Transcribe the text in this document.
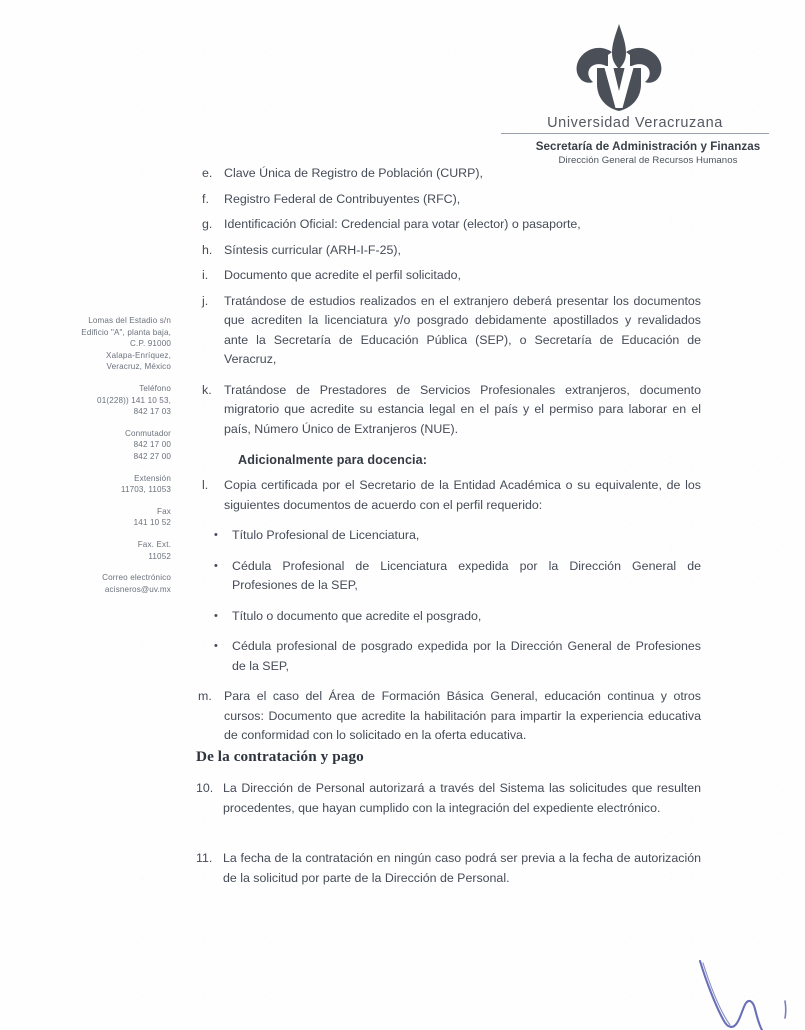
Universidad Veracruzana
Secretaría de Administración y Finanzas
Dirección General de Recursos Humanos
Lomas del Estadio s/n
Edificio "A", planta baja,
C.P. 91000
Xalapa-Enríquez,
Veracruz, México
Teléfono
01(228)) 141 10 53,
842 17 03
Conmutador
842 17 00
842 27 00
Extensión
11703, 11053
Fax
141 10 52
Fax. Ext.
11052
Correo electrónico
acisneros@uv.mx
e. Clave Única de Registro de Población (CURP),
f.	Registro Federal de Contribuyentes (RFC),
g. Identificación Oficial: Credencial para votar (elector) o pasaporte,
h. Síntesis curricular (ARH-I-F-25),
i.	Documento que acredite el perfil solicitado,
j.	Tratándose de estudios realizados en el extranjero deberá presentar los documentos que acrediten la licenciatura y/o posgrado debidamente apostillados y revalidados ante la Secretaría de Educación Pública (SEP), o Secretaría de Educación de Veracruz,
k. Tratándose de Prestadores de Servicios Profesionales extranjeros, documento migratorio que acredite su estancia legal en el país y el permiso para laborar en el país, Número Único de Extranjeros (NUE).
Adicionalmente para docencia:
l.	Copia certificada por el Secretario de la Entidad Académica o su equivalente, de los siguientes documentos de acuerdo con el perfil requerido:
•	Título Profesional de Licenciatura,
•	Cédula Profesional de Licenciatura expedida por la Dirección General de Profesiones de la SEP,
•	Título o documento que acredite el posgrado,
•	Cédula profesional de posgrado expedida por la Dirección General de Profesiones de la SEP,
m. Para el caso del Área de Formación Básica General, educación continua y otros cursos: Documento que acredite la habilitación para impartir la experiencia educativa de conformidad con lo solicitado en la oferta educativa.
De la contratación y pago
10. La Dirección de Personal autorizará a través del Sistema las solicitudes que resulten procedentes, que hayan cumplido con la integración del expediente electrónico.
11. La fecha de la contratación en ningún caso podrá ser previa a la fecha de autorización de la solicitud por parte de la Dirección de Personal.
